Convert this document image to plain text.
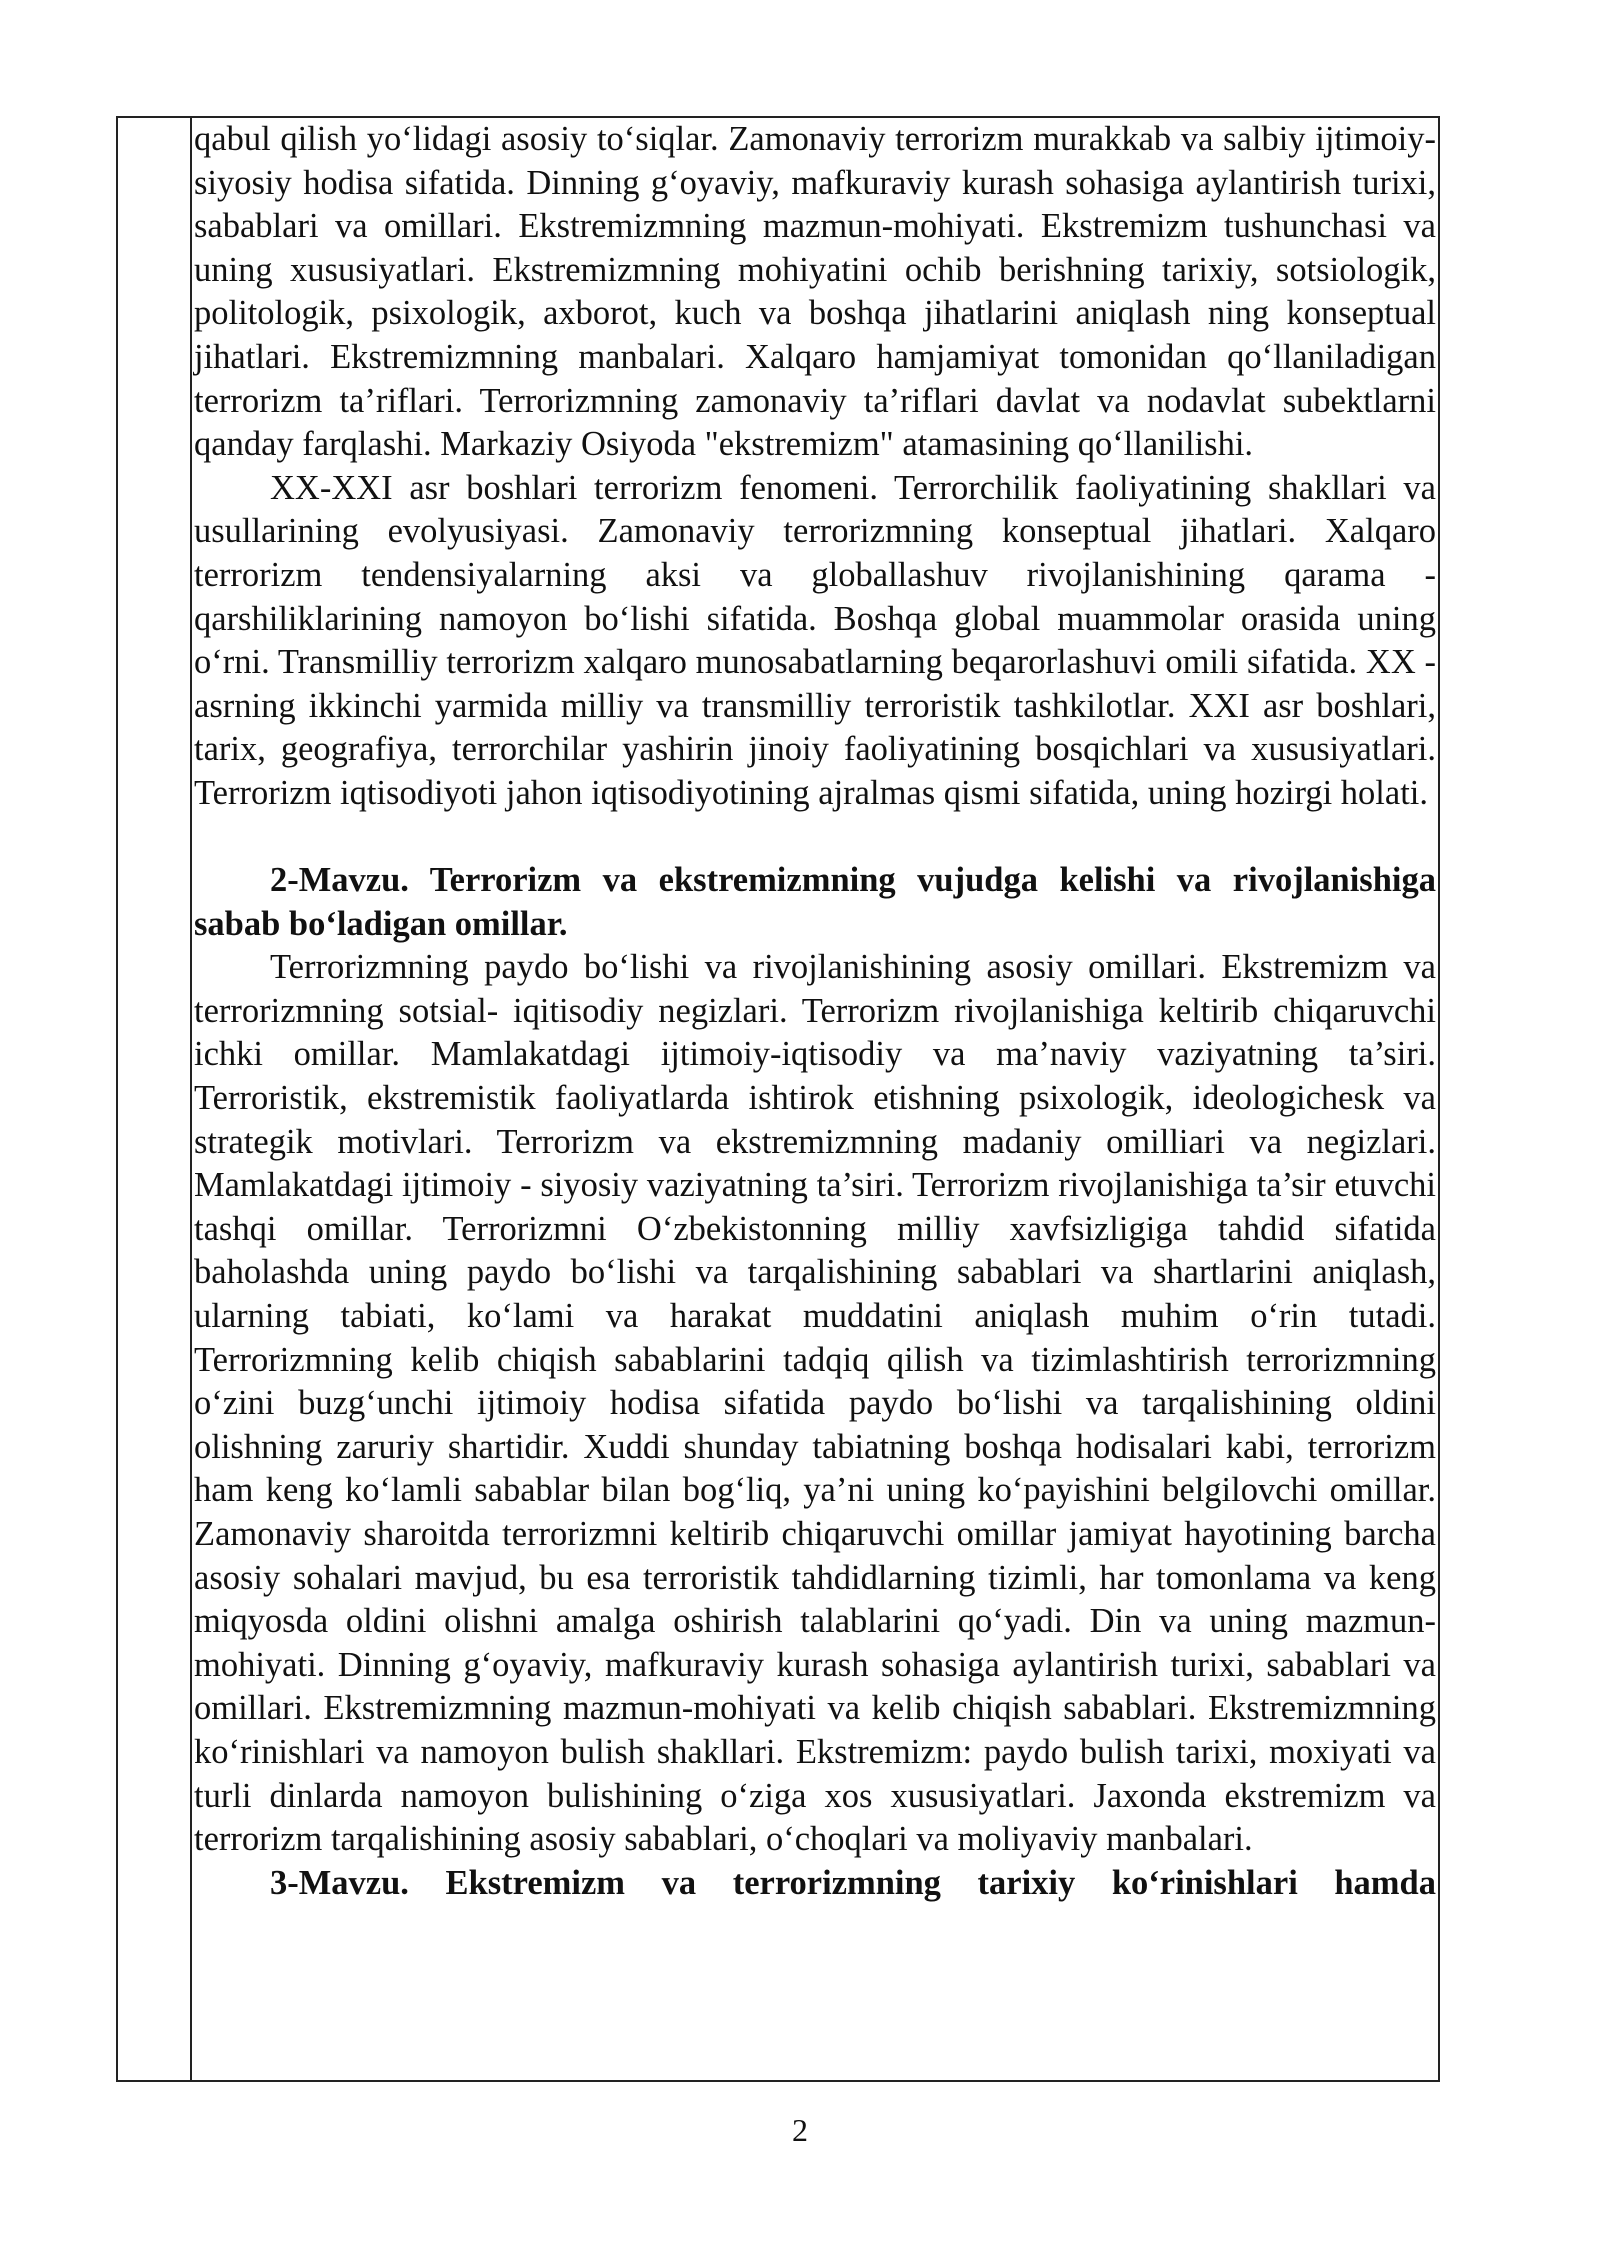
qabul qilish yo‘lidagi asosiy to‘siqlar. Zamonaviy terrorizm murakkab va salbiy ijtimoiy-siyosiy hodisa sifatida. Dinning g‘oyaviy, mafkuraviy kurash sohasiga aylantirish turixi, sabablari va omillari. Ekstremizmning mazmun-mohiyati. Ekstremizm tushunchasi va uning xususiyatlari. Ekstremizmning mohiyatini ochib berishning tarixiy, sotsiologik, politologik, psixologik, axborot, kuch va boshqa jihatlarini aniqlash ning konseptual jihatlari. Ekstremizmning manbalari. Xalqaro hamjamiyat tomonidan qo‘llaniladigan terrorizm ta’riflari. Terrorizmning zamonaviy ta’riflari davlat va nodavlat subektlarni qanday farqlashi. Markaziy Osiyoda "ekstremizm" atamasining qo‘llanilishi.

XX-XXI asr boshlari terrorizm fenomeni. Terrorchilik faoliyatining shakllari va usullarining evolyusiyasi. Zamonaviy terrorizmning konseptual jihatlari. Xalqaro terrorizm tendensiyalarning aksi va globallashuv rivojlanishining qarama -qarshiliklarining namoyon bo‘lishi sifatida. Boshqa global muammolar orasida uning o‘rni. Transmilliy terrorizm xalqaro munosabatlarning beqarorlashuvi omili sifatida. XX - asrning ikkinchi yarmida milliy va transmilliy terroristik tashkilotlar. XXI asr boshlari, tarix, geografiya, terrorchilar yashirin jinoiy faoliyatining bosqichlari va xususiyatlari. Terrorizm iqtisodiyoti jahon iqtisodiyotining ajralmas qismi sifatida, uning hozirgi holati.

2-Mavzu. Terrorizm va ekstremizmning vujudga kelishi va rivojlanishiga sabab bo‘ladigan omillar.

Terrorizmning paydo bo‘lishi va rivojlanishining asosiy omillari. Ekstremizm va terrorizmning sotsial- iqitisodiy negizlari. Terrorizm rivojlanishiga keltirib chiqaruvchi ichki omillar. Mamlakatdagi ijtimoiy-iqtisodiy va ma’naviy vaziyatning ta’siri. Terroristik, ekstremistik faoliyatlarda ishtirok etishning psixologik, ideologichesk va strategik motivlari. Terrorizm va ekstremizmning madaniy omilliari va negizlari. Mamlakatdagi ijtimoiy - siyosiy vaziyatning ta’siri. Terrorizm rivojlanishiga ta’sir etuvchi tashqi omillar. Terrorizmni O‘zbekistonning milliy xavfsizligiga tahdid sifatida baholashda uning paydo bo‘lishi va tarqalishining sabablari va shartlarini aniqlash, ularning tabiati, ko‘lami va harakat muddatini aniqlash muhim o‘rin tutadi. Terrorizmning kelib chiqish sabablarini tadqiq qilish va tizimlashtirish terrorizmning o‘zini buzg‘unchi ijtimoiy hodisa sifatida paydo bo‘lishi va tarqalishining oldini olishning zaruriy shartidir. Xuddi shunday tabiatning boshqa hodisalari kabi, terrorizm ham keng ko‘lamli sabablar bilan bog‘liq, ya’ni uning ko‘payishini belgilovchi omillar. Zamonaviy sharoitda terrorizmni keltirib chiqaruvchi omillar jamiyat hayotining barcha asosiy sohalari mavjud, bu esa terroristik tahdidlarning tizimli, har tomonlama va keng miqyosda oldini olishni amalga oshirish talablarini qo‘yadi. Din va uning mazmun-mohiyati. Dinning g‘oyaviy, mafkuraviy kurash sohasiga aylantirish turixi, sabablari va omillari. Ekstremizmning mazmun-mohiyati va kelib chiqish sabablari. Ekstremizmning ko‘rinishlari va namoyon bulish shakllari. Ekstremizm: paydo bulish tarixi, moxiyati va turli dinlarda namoyon bulishining o‘ziga xos xususiyatlari. Jaxonda ekstremizm va terrorizm tarqalishining asosiy sabablari, o‘choqlari va moliyaviy manbalari.

3-Mavzu. Ekstremizm va terrorizmning tarixiy ko‘rinishlari hamda

2
